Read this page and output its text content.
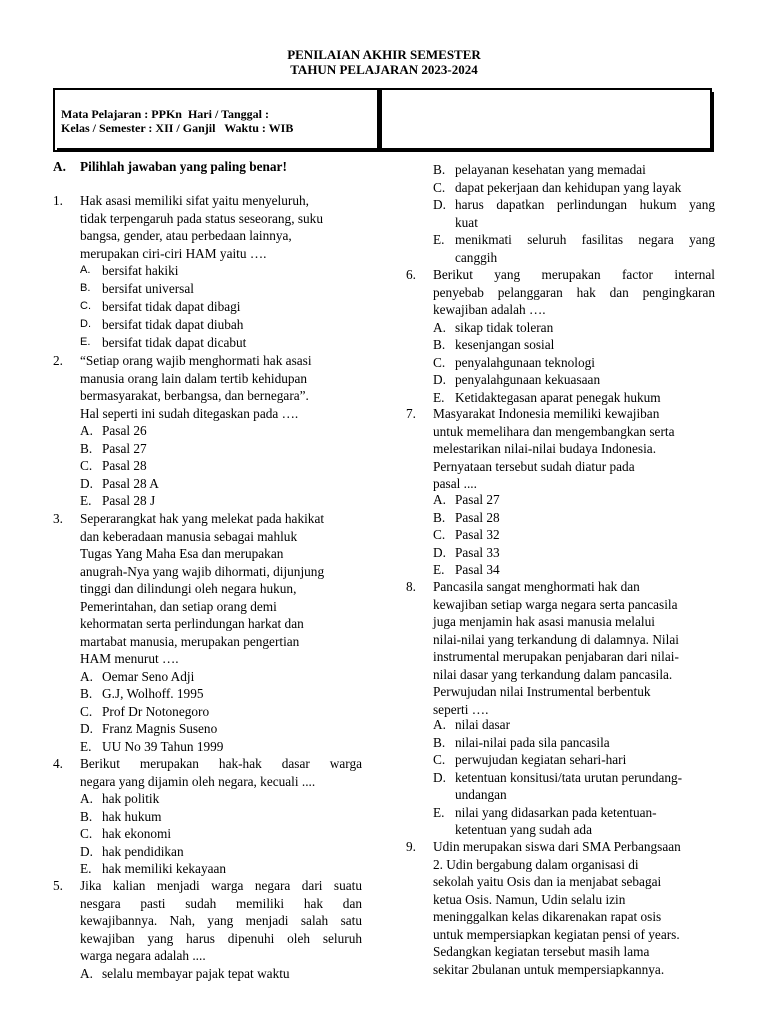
PENILAIAN AKHIR SEMESTER
TAHUN PELAJARAN 2023-2024
Mata Pelajaran : PPKn  Hari / Tanggal :
Kelas / Semester : XII / Ganjil   Waktu : WIB
A. Pilihlah jawaban yang paling benar!
1. Hak asasi memiliki sifat yaitu menyeluruh,
tidak terpengaruh pada status seseorang, suku
bangsa, gender, atau perbedaan lainnya,
merupakan ciri-ciri HAM yaitu ….
A. bersifat hakiki
B. bersifat universal
C. bersifat tidak dapat dibagi
D. bersifat tidak dapat diubah
E. bersifat tidak dapat dicabut
2. “Setiap orang wajib menghormati hak asasi
manusia orang lain dalam tertib kehidupan
bermasyarakat, berbangsa, dan bernegara”.
Hal seperti ini sudah ditegaskan pada ….
A. Pasal 26
B. Pasal 27
C. Pasal 28
D. Pasal 28 A
E. Pasal 28 J
3. Seperarangkat hak yang melekat pada hakikat
dan keberadaan manusia sebagai mahluk
Tugas Yang Maha Esa dan merupakan
anugrah-Nya yang wajib dihormati, dijunjung
tinggi dan dilindungi oleh negara hukun,
Pemerintahan, dan setiap orang demi
kehormatan serta perlindungan harkat dan
martabat manusia, merupakan pengertian
HAM menurut ….
A. Oemar Seno Adji
B. G.J, Wolhoff. 1995
C. Prof Dr Notonegoro
D. Franz Magnis Suseno
E. UU No 39 Tahun 1999
4. Berikut merupakan hak-hak dasar warga
negara yang dijamin oleh negara, kecuali ....
A. hak politik
B. hak hukum
C. hak ekonomi
D. hak pendidikan
E. hak memiliki kekayaan
5. Jika kalian menjadi warga negara dari suatu
nesgara pasti sudah memiliki hak dan
kewajibannya. Nah, yang menjadi salah satu
kewajiban yang harus dipenuhi oleh seluruh
warga negara adalah ....
A. selalu membayar pajak tepat waktu
B. pelayanan kesehatan yang memadai
C. dapat pekerjaan dan kehidupan yang layak
D. harus dapatkan perlindungan hukum yang
kuat
E. menikmati seluruh fasilitas negara yang
canggih
6. Berikut yang merupakan factor internal
penyebab pelanggaran hak dan pengingkaran
kewajiban adalah ….
A. sikap tidak toleran
B. kesenjangan sosial
C. penyalahgunaan teknologi
D. penyalahgunaan kekuasaan
E. Ketidaktegasan aparat penegak hukum
7. Masyarakat Indonesia memiliki kewajiban
untuk memelihara dan mengembangkan serta
melestarikan nilai-nilai budaya Indonesia.
Pernyataan tersebut sudah diatur pada
pasal ....
A. Pasal 27
B. Pasal 28
C. Pasal 32
D. Pasal 33
E. Pasal 34
8. Pancasila sangat menghormati hak dan
kewajiban setiap warga negara serta pancasila
juga menjamin hak asasi manusia melalui
nilai-nilai yang terkandung di dalamnya. Nilai
instrumental merupakan penjabaran dari nilai-
nilai dasar yang terkandung dalam pancasila.
Perwujudan nilai Instrumental berbentuk
seperti ….
A. nilai dasar
B. nilai-nilai pada sila pancasila
C. perwujudan kegiatan sehari-hari
D. ketentuan konsitusi/tata urutan perundang-
undangan
E. nilai yang didasarkan pada ketentuan-
ketentuan yang sudah ada
9. Udin merupakan siswa dari SMA Perbangsaan
2. Udin bergabung dalam organisasi di
sekolah yaitu Osis dan ia menjabat sebagai
ketua Osis. Namun, Udin selalu izin
meninggalkan kelas dikarenakan rapat osis
untuk mempersiapkan kegiatan pensi of years.
Sedangkan kegiatan tersebut masih lama
sekitar 2bulanan untuk mempersiapkannya.
